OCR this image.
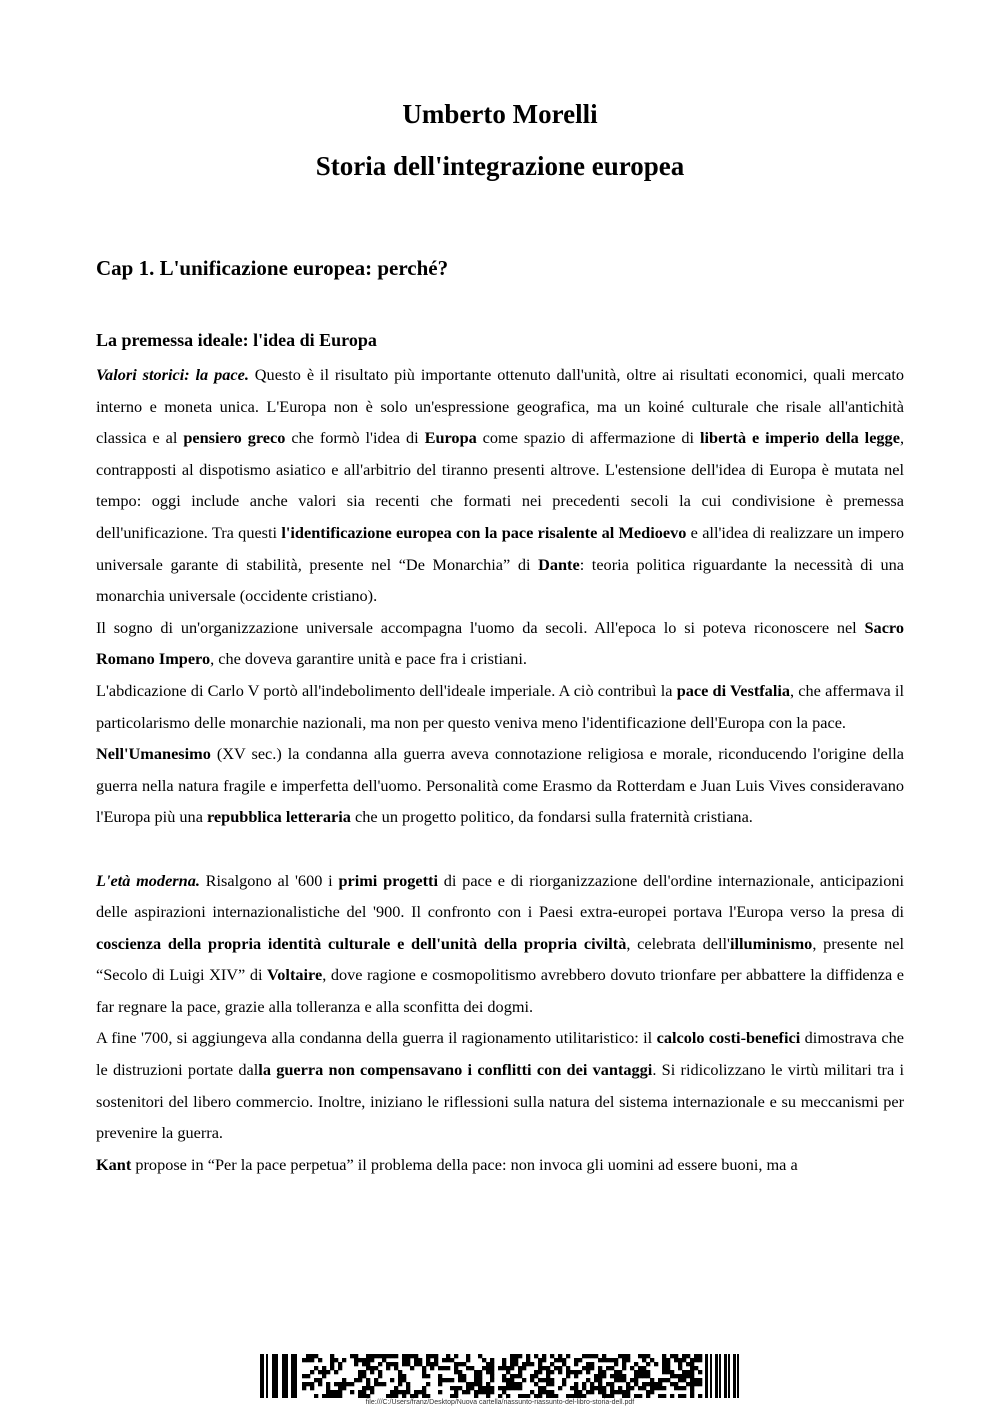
Umberto Morelli
Storia dell'integrazione europea
Cap 1. L'unificazione europea: perché?
La premessa ideale: l'idea di Europa

Valori storici: la pace. Questo è il risultato più importante ottenuto dall'unità, oltre ai risultati economici, quali mercato interno e moneta unica. L'Europa non è solo un'espressione geografica, ma un koiné culturale che risale all'antichità classica e al pensiero greco che formò l'idea di Europa come spazio di affermazione di libertà e imperio della legge, contrapposti al dispotismo asiatico e all'arbitrio del tiranno presenti altrove. L'estensione dell'idea di Europa è mutata nel tempo: oggi include anche valori sia recenti che formati nei precedenti secoli la cui condivisione è premessa dell'unificazione. Tra questi l'identificazione europea con la pace risalente al Medioevo e all'idea di realizzare un impero universale garante di stabilità, presente nel “De Monarchia” di Dante: teoria politica riguardante la necessità di una monarchia universale (occidente cristiano).

Il sogno di un'organizzazione universale accompagna l'uomo da secoli. All'epoca lo si poteva riconoscere nel Sacro Romano Impero, che doveva garantire unità e pace fra i cristiani.

L'abdicazione di Carlo V portò all'indebolimento dell'ideale imperiale. A ciò contribuì la pace di Vestfalia, che affermava il particolarismo delle monarchie nazionali, ma non per questo veniva meno l'identificazione dell'Europa con la pace.

Nell'Umanesimo (XV sec.) la condanna alla guerra aveva connotazione religiosa e morale, riconducendo l'origine della guerra nella natura fragile e imperfetta dell'uomo. Personalità come Erasmo da Rotterdam e Juan Luis Vives consideravano l'Europa più una repubblica letteraria che un progetto politico, da fondarsi sulla fraternità cristiana.

L'età moderna. Risalgono al '600 i primi progetti di pace e di riorganizzazione dell'ordine internazionale, anticipazioni delle aspirazioni internazionalistiche del '900. Il confronto con i Paesi extra-europei portava l'Europa verso la presa di coscienza della propria identità culturale e dell'unità della propria civiltà, celebrata dell'illuminismo, presente nel “Secolo di Luigi XIV” di Voltaire, dove ragione e cosmopolitismo avrebbero dovuto trionfare per abbattere la diffidenza e far regnare la pace, grazie alla tolleranza e alla sconfitta dei dogmi.

A fine '700, si aggiungeva alla condanna della guerra il ragionamento utilitaristico: il calcolo costi-benefici dimostrava che le distruzioni portate dalla guerra non compensavano i conflitti con dei vantaggi. Si ridicolizzano le virtù militari tra i sostenitori del libero commercio. Inoltre, iniziano le riflessioni sulla natura del sistema internazionale e su meccanismi per prevenire la guerra.

Kant propose in “Per la pace perpetua” il problema della pace: non invoca gli uomini ad essere buoni, ma a

file:///C:/Users/franz/Desktop/Nuova cartella/riassunto-riassunto-del-libro-storia-dell.pdf
